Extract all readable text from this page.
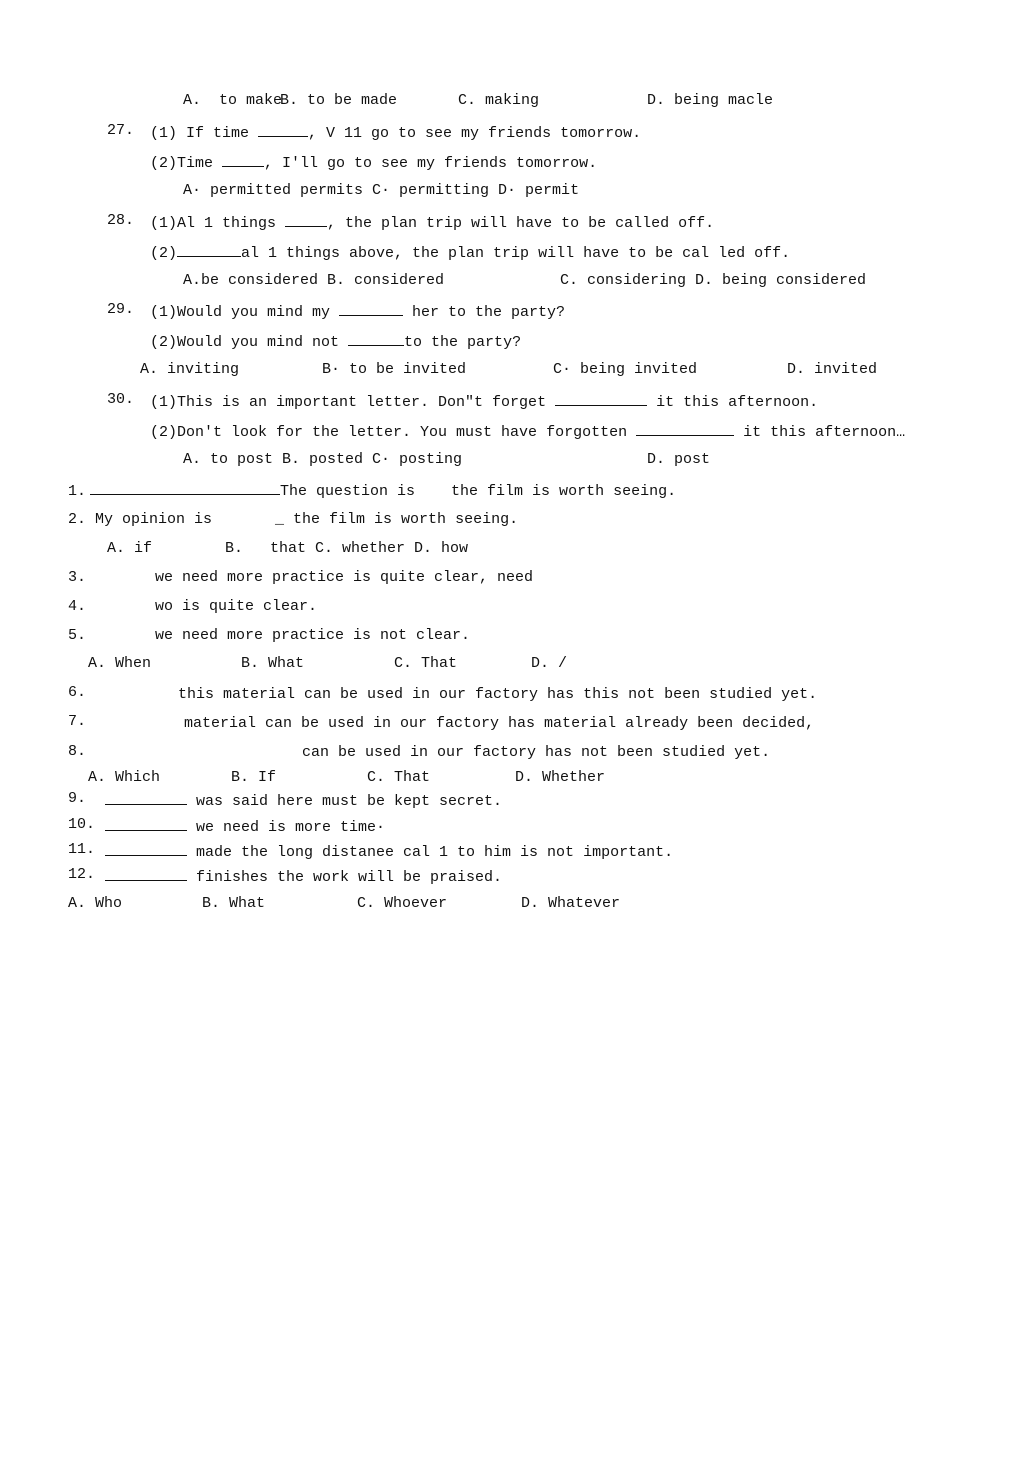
A.  to make
B. to be made	C. making	D. being macle
27. (1) If time	, V 11 go to see my friends tomorrow.
(2)Time	, I'll go to see my friends tomorrow.
A· permitted permits C· permitting D· permit
28. (1)Al 1 things	, the plan trip will have to be called off.
(2)	al 1 things above, the plan trip will have to be cal led off.
A.be considered B. considered	C. considering D. being considered
29. (1)Would you mind my	her to the party?
(2)Would you mind not	to the party?
A. inviting	B· to be invited	C· being invited	D. invited
30. (1)This is an important letter. Don"t forget	it this afternoon.
(2)Don't look for the letter. You must have forgotten	it this afternoon…
A. to post B. posted C· posting	D. post
1.	The question is    the film is worth seeing.
2. My opinion is       _ the film is worth seeing.
A. if	B.   that C. whether D. how
3.	we need more practice is quite clear, need
4.	wo is quite clear.
5.	we need more practice is not clear.
A. When	B. What	C. That	D. /
6.	this material can be used in our factory has this not been studied yet.
7.	material can be used in our factory has material already been decided,
8.	can be used in our factory has not been studied yet.
A. Which	B. If	C. That	D. Whether
9.	was said here must be kept secret.
10.	we need is more time·
11.	made the long distanee cal 1 to him is not important.
12.	finishes the work will be praised.
A. Who	B. What	C. Whoever	D. Whatever
